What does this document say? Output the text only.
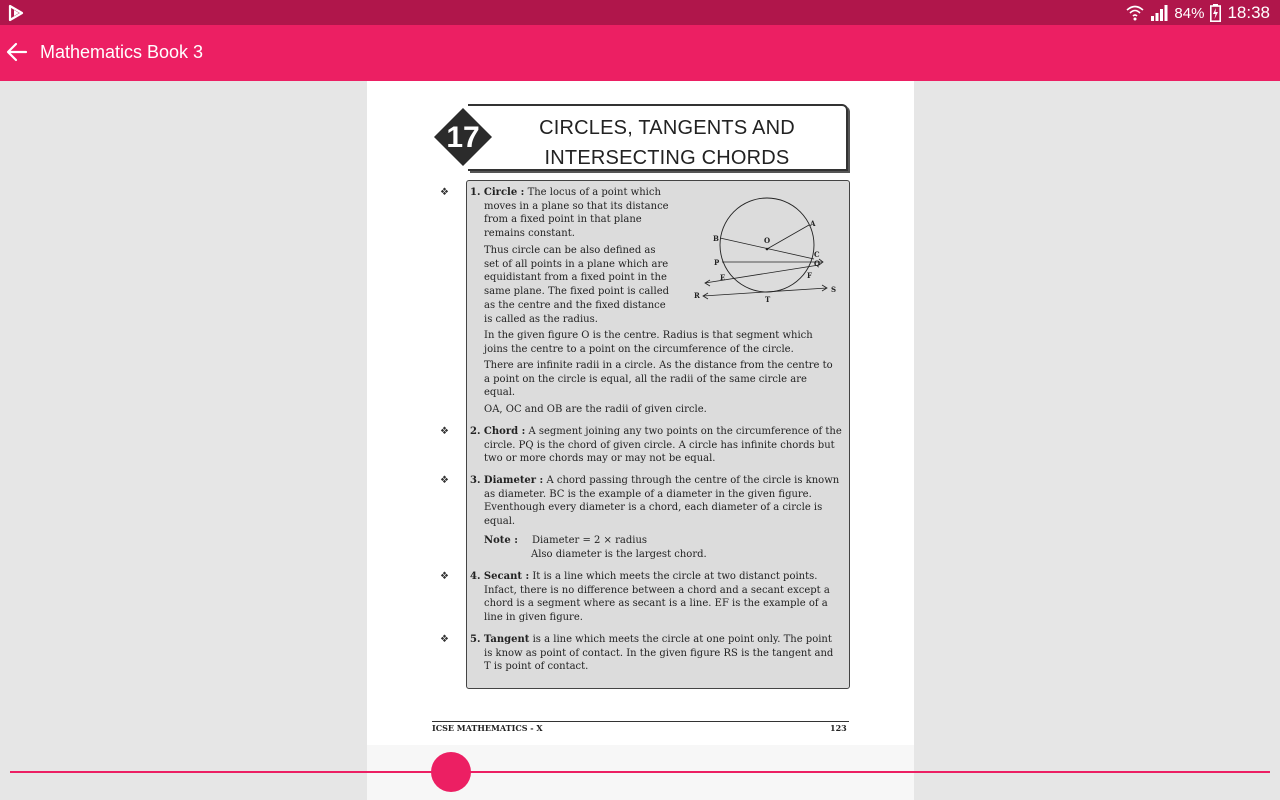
84% 18:38
Mathematics Book 3
17	CIRCLES, TANGENTS AND
INTERSECTING CHORDS
❖
❖
❖
❖
❖
1. Circle : The locus of a point which
moves in a plane so that its distance
from a fixed point in that plane
remains constant.
Thus circle can be also defined as
set of all points in a plane which are
equidistant from a fixed point in the
same plane. The fixed point is called
as the centre and the fixed distance
is called as the radius.
In the given figure O is the centre. Radius is that segment which
joins the centre to a point on the circumference of the circle.
There are infinite radii in a circle. As the distance from the centre to
a point on the circle is equal, all the radii of the same circle are
equal.
OA, OC and OB are the radii of given circle.
2. Chord : A segment joining any two points on the circumference of the
circle. PQ is the chord of given circle. A circle has infinite chords but
two or more chords may or may not be equal.
3. Diameter : A chord passing through the centre of the circle is known
as diameter. BC is the example of a diameter in the given figure.
Eventhough every diameter is a chord, each diameter of a circle is
equal.
Note : Diameter = 2 × radius
Also diameter is the largest chord.
4. Secant : It is a line which meets the circle at two distanct points.
Infact, there is no difference between a chord and a secant except a
chord is a segment where as secant is a line. EF is the example of a
line in given figure.
5. Tangent is a line which meets the circle at one point only. The point
is know as point of contact. In the given figure RS is the tangent and
T is point of contact.
A
B	O
C
Q
P
E	F
R	T
S
ICSE MATHEMATICS - X	123
